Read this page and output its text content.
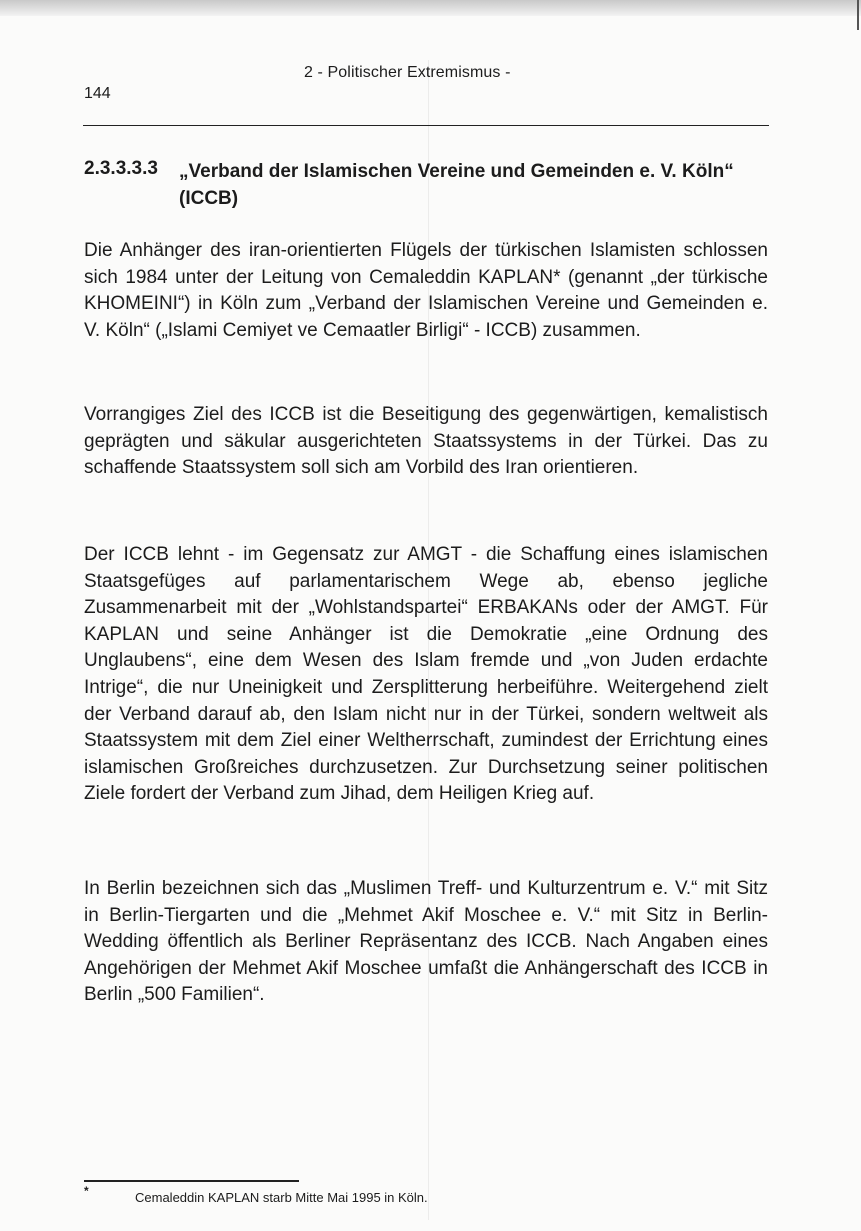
2 - Politischer Extremismus -
144
2.3.3.3.3 „Verband der Islamischen Vereine und Gemeinden e. V. Köln“ (ICCB)

Die Anhänger des iran-orientierten Flügels der türkischen Islamisten schlossen sich 1984 unter der Leitung von Cemaleddin KAPLAN* (genannt „der türkische KHOMEINI“) in Köln zum „Verband der Islamischen Vereine und Gemeinden e. V. Köln“ („Islami Cemiyet ve Cemaatler Birligi“ - ICCB) zusammen.

Vorrangiges Ziel des ICCB ist die Beseitigung des gegenwärtigen, kemalistisch geprägten und säkular ausgerichteten Staatssystems in der Türkei. Das zu schaffende Staatssystem soll sich am Vorbild des Iran orientieren.

Der ICCB lehnt - im Gegensatz zur AMGT - die Schaffung eines islamischen Staatsgefüges auf parlamentarischem Wege ab, ebenso jegliche Zusammenarbeit mit der „Wohlstandspartei“ ERBAKANs oder der AMGT. Für KAPLAN und seine Anhänger ist die Demokratie „eine Ordnung des Unglaubens“, eine dem Wesen des Islam fremde und „von Juden erdachte Intrige“, die nur Uneinigkeit und Zersplitterung herbeiführe. Weitergehend zielt der Verband darauf ab, den Islam nicht nur in der Türkei, sondern weltweit als Staatssystem mit dem Ziel einer Weltherrschaft, zumindest der Errichtung eines islamischen Großreiches durchzusetzen. Zur Durchsetzung seiner politischen Ziele fordert der Verband zum Jihad, dem Heiligen Krieg auf.

In Berlin bezeichnen sich das „Muslimen Treff- und Kulturzentrum e. V.“ mit Sitz in Berlin-Tiergarten und die „Mehmet Akif Moschee e. V.“ mit Sitz in Berlin-Wedding öffentlich als Berliner Repräsentanz des ICCB. Nach Angaben eines Angehörigen der Mehmet Akif Moschee umfaßt die Anhängerschaft des ICCB in Berlin „500 Familien“.

*	Cemaleddin KAPLAN starb Mitte Mai 1995 in Köln.
